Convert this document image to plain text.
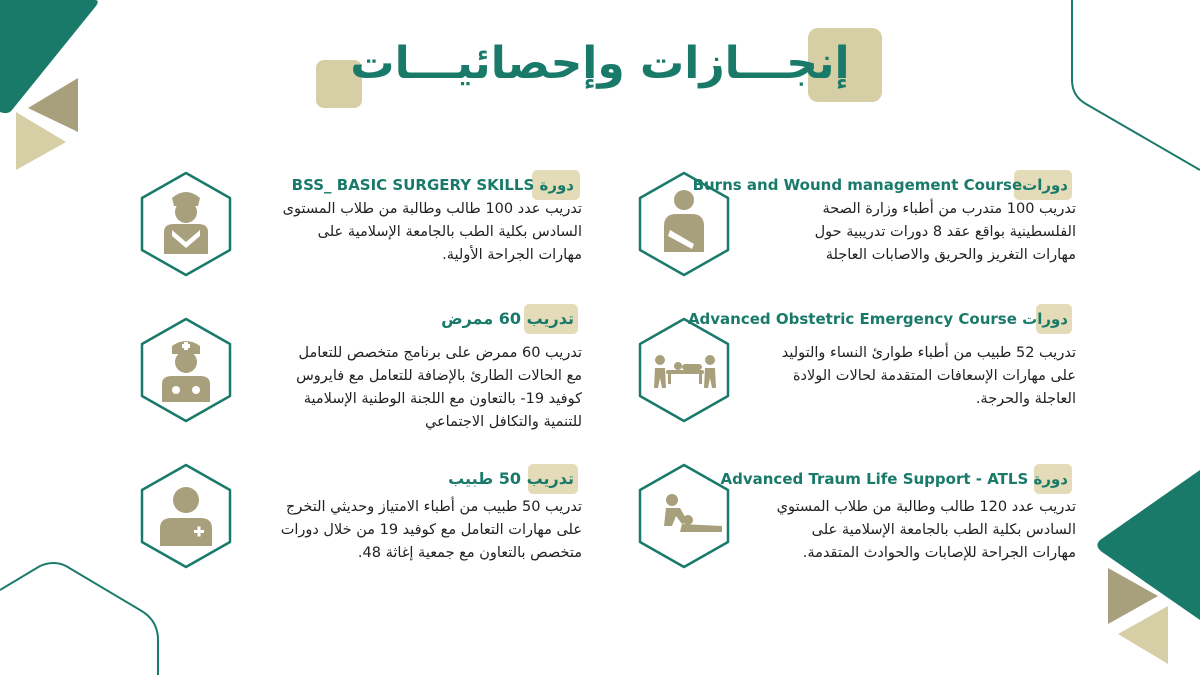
إنجـــازات وإحصائيـــات
دوراتBurns and Wound management Course
تدريب 100 متدرب من أطباء وزارة الصحة
الفلسطينية بواقع عقد 8 دورات تدريبية حول
مهارات التغريز والحريق والاصابات العاجلة
دورة BSS_ BASIC SURGERY SKILLS
تدريب عدد 100 طالب وطالبة من طلاب المستوى
السادس بكلية الطب بالجامعة الإسلامية على
مهارات الجراحة الأولية.
دورات Advanced Obstetric Emergency Course
تدريب 52 طبيب من أطباء طوارئ النساء والتوليد
على مهارات الإسعافات المتقدمة لحالات الولادة
العاجلة والحرجة.
تدريب 60 ممرض
تدريب 60 ممرض على برنامج متخصص للتعامل
مع الحالات الطارئ بالإضافة للتعامل مع فايروس
كوفيد 19- بالتعاون مع اللجنة الوطنية الإسلامية
للتنمية والتكافل الاجتماعي
دورة Advanced Traum Life Support - ATLS
تدريب عدد 120 طالب وطالبة من طلاب المستوي
السادس بكلية الطب بالجامعة الإسلامية على
مهارات الجراحة للإصابات والحوادث المتقدمة.
تدريب 50 طبيب
تدريب 50 طبيب من أطباء الامتياز وحديثي التخرج
على مهارات التعامل مع كوفيد 19 من خلال دورات
متخصص بالتعاون مع جمعية إغاثة 48.
